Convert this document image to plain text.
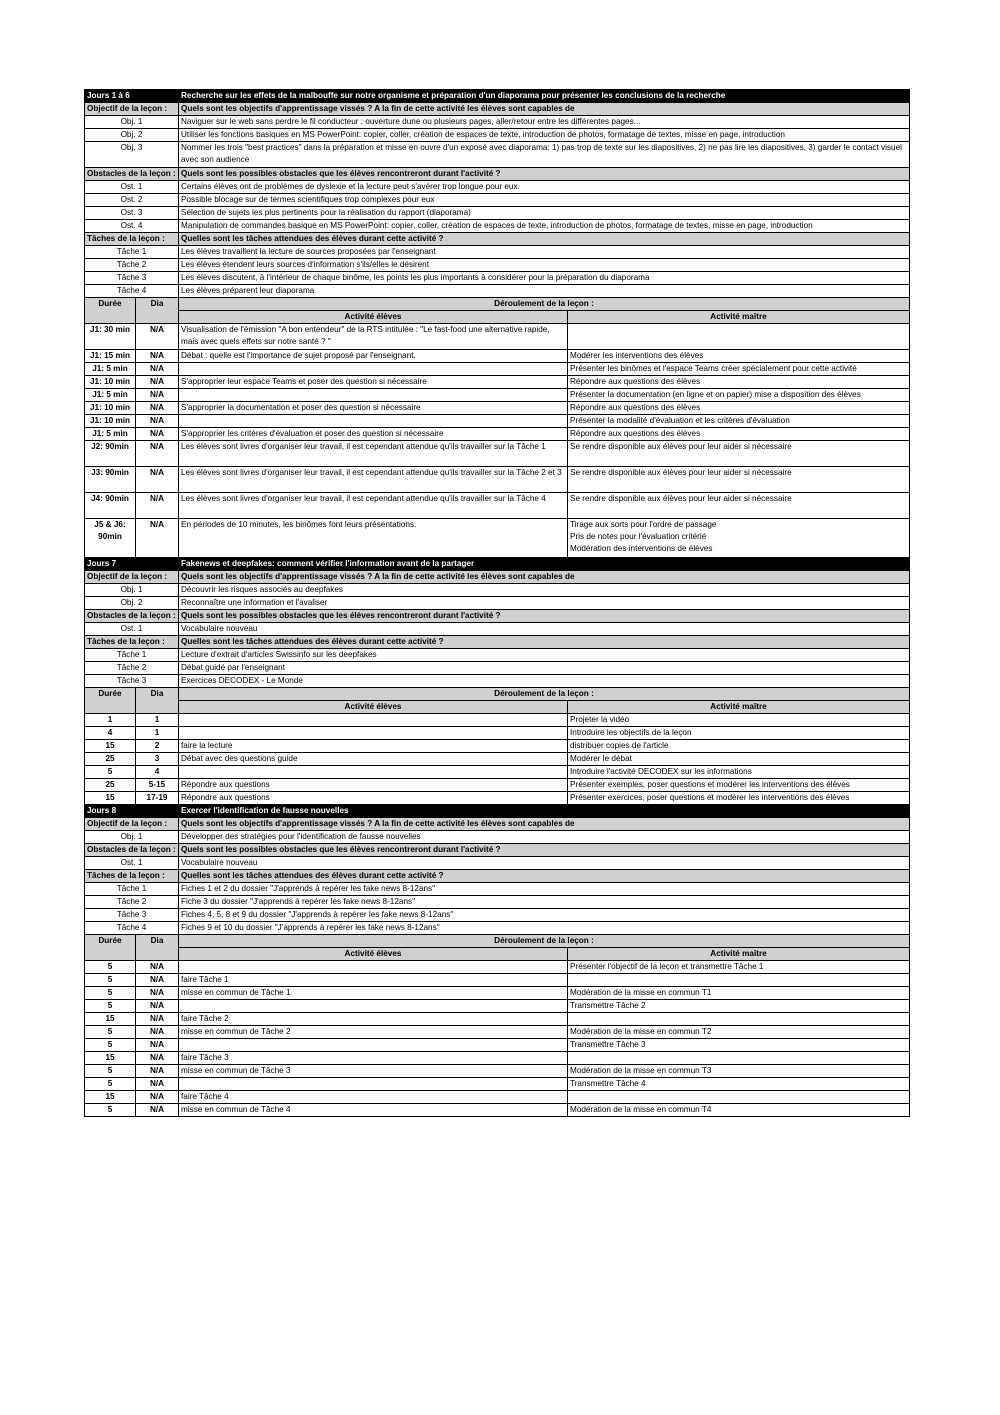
Jours 1 à 6		Recherche sur les effets de la malbouffe sur notre organisme et préparation d'un diaporama pour présenter les conclusions de la recherche	
Objectif de la leçon :		Quels sont les objectifs d'apprentissage vissés ? A la fin de cette activité les élèves sont capables de	
Obj. 1		Naviguer sur le web sans perdre le fil conducteur : ouverture dune ou plusieurs pages, aller/retour entre les différentes pages...	
Obj. 2		Utiliser les fonctions basiques en MS PowerPoint: copier, coller, création de espaces de texte, introduction de photos, formatage de textes, misse en page, introduction	
Obj. 3		Nommer les trois "best practices" dans la préparation et misse en ouvre d'un exposé avec diaporama: 1) pas trop de texte sur les diapositives, 2) ne pas lire les diapositives, 3) garder le contact visuel avec son audience	
Obstacles de la leçon :		Quels sont les possibles obstacles que les élèves rencontreront durant l'activité ?	
Ost. 1		Certains élèves ont de problèmes de dyslexie et la lecture peut s'avérer trop longue pour eux.	
Ost. 2		Possible blocage sur de termes scientifiques trop complexes pour eux	
Ost. 3		Sélection de sujets les plus pertinents pour la réalisation du rapport (diaporama)	
Ost. 4		Manipulation de commandes basique en MS PowerPoint: copier, coller, création de espaces de texte, introduction de photos, formatage de textes, misse en page, introduction	
Tâches de la leçon :		Quelles sont les tâches attendues des élèves durant cette activité ?	
Tâche 1		Les élèves travaillent la lecture de sources proposées par l'enseignant	
Tâche 2		Les élèves étendent leurs sources d'information s'ils/elles le désirent	
Tâche 3		Les élèves discutent, à l'intérieur de chaque binôme, les points les plus importants à considérer pour la préparation du diaporama	
Tâche 4		Les élèves préparent leur diaporama	
Durée	Dia	Déroulement de la leçon :	
		Activité élèves	Activité maître
J1: 30 min	N/A	Visualisation de l'émission "A bon entendeur" de la RTS intitulée : "Le fast-food une alternative rapide, mais avec quels effets sur notre santé ? "	
J1: 15 min	N/A	Débat : quelle est l'importance de sujet proposé par l'enseignant.	Modérer les interventions des élèves
J1: 5 min	N/A		Présenter les binômes et l'espace Teams créer spécialement pour cette activité
J1: 10 min	N/A	S'approprier leur espace Teams et poser des question si nécessaire	Répondre aux questions des élèves
J1: 5 min	N/A		Présenter la documentation (en ligne et on papier) mise a disposition des élèves
J1: 10 min	N/A	S'approprier la documentation et poser des question si nécessaire	Répondre aux questions des élèves
J1: 10 min	N/A		Présenter la modalité d'évaluation et les critères d'évaluation
J1: 5 min	N/A	S'approprier les critères d'évaluation et poser des question si nécessaire	Répondre aux questions des élèves
J2: 90min	N/A	Les élèves sont livres d'organiser leur travail, il est cependant attendue qu'ils travailler sur la Tâche 1	Se rendre disponible aux élèves pour leur aider si nécessaire
J3: 90min	N/A	Les élèves sont livres d'organiser leur travail, il est cependant attendue qu'ils travailler sur la Tâche 2 et 3	Se rendre disponible aux élèves pour leur aider si nécessaire
J4: 90min	N/A	Les élèves sont livres d'organiser leur travail, il est cependant attendue qu'ils travailler sur la Tâche 4	Se rendre disponible aux élèves pour leur aider si nécessaire
J5 & J6:
90min	N/A	En périodes de 10 minutes, les binômes font leurs présentations.	Tirage aux sorts pour l'ordre de passage
Pris de notes pour l'évaluation critérié
Modération des interventions de élèves
Jours 7		Fakenews et deepfakes: comment vérifier l'information avant de la partager	
Objectif de la leçon :		Quels sont les objectifs d'apprentissage vissés ? A la fin de cette activité les élèves sont capables de	
Obj. 1		Découvrir les risques associés au deepfakes	
Obj. 2		Reconnaître une information et l'avaliser	
Obstacles de la leçon :		Quels sont les possibles obstacles que les élèves rencontreront durant l'activité ?	
Ost. 1		Vocabulaire nouveau	
Tâches de la leçon :		Quelles sont les tâches attendues des élèves durant cette activité ?	
Tâche 1		Lecture d'extrait d'articles Swissinfo sur les deepfakes	
Tâche 2		Débat guidé par l'enseignant	
Tâche 3		Exercices DECODEX - Le Monde	
Durée	Dia	Déroulement de la leçon :	
		Activité élèves	Activité maître
1	1		Projeter la vidéo
4	1		Introduire les objectifs de la leçon
15	2	faire la lecture	distribuer copies de l'article
25	3	Débat avec des questions guide	Modérer le débat
5	4		Introduire l'activité DECODEX sur les informations
25	5-15	Répondre aux questions	Présenter exemples, poser questions et modérer les interventions des élèves
15	17-19	Répondre aux questions	Présenter exercices, poser questions et modérer les interventions des élèves
Jours 8		Exercer l'identification de fausse nouvelles	
Objectif de la leçon :		Quels sont les objectifs d'apprentissage vissés ? A la fin de cette activité les élèves sont capables de	
Obj. 1		Développer des stratégies pour l'identification de fausse nouvelles	
Obstacles de la leçon :		Quels sont les possibles obstacles que les élèves rencontreront durant l'activité ?	
Ost. 1		Vocabulaire nouveau	
Tâches de la leçon :		Quelles sont les tâches attendues des élèves durant cette activité ?	
Tâche 1		Fiches 1 et 2 du dossier "J'apprends à repérer les fake news 8-12ans"	
Tâche 2		Fiche 3 du dossier "J'apprends à repérer les fake news 8-12ans"	
Tâche 3		Fiches 4, 5, 8 et 9 du dossier "J'apprends à repérer les fake news 8-12ans"	
Tâche 4		Fiches 9 et 10 du dossier "J'apprends à repérer les fake news 8-12ans"	
Durée	Dia	Déroulement de la leçon :	
		Activité élèves	Activité maître
5	N/A		Présenter l'objectif de la leçon et transmettre Tâche 1
5	N/A	faire Tâche 1	
5	N/A	misse en commun de Tâche 1	Modération de la misse en commun T1
5	N/A		Transmettre Tâche 2
15	N/A	faire Tâche 2	
5	N/A	misse en commun de Tâche 2	Modération de la misse en commun T2
5	N/A		Transmettre Tâche 3
15	N/A	faire Tâche 3	
5	N/A	misse en commun de Tâche 3	Modération de la misse en commun T3
5	N/A		Transmettre Tâche 4
15	N/A	faire Tâche 4	
5	N/A	misse en commun de Tâche 4	Modération de la misse en commun T4
